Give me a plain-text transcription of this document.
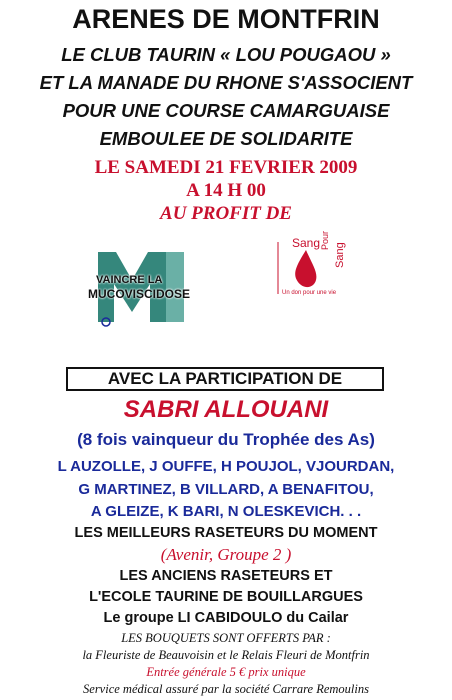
ARENES DE MONTFRIN
LE CLUB TAURIN « LOU POUGAOU »
ET LA MANADE DU RHONE S'ASSOCIENT
POUR UNE COURSE CAMARGUAISE
EMBOULEE DE SOLIDARITE
LE SAMEDI 21 FEVRIER 2009
A 14 H 00
AU PROFIT DE
VAINCRE LA
MUCOVISCIDOSE
Sang Pour
Sang
Un don pour une vie
AVEC LA PARTICIPATION DE
SABRI ALLOUANI
(8 fois vainqueur du Trophée des As)
L AUZOLLE, J OUFFE, H POUJOL, VJOURDAN,
G MARTINEZ, B VILLARD, A BENAFITOU,
A GLEIZE, K BARI, N OLESKEVICH. . .
LES MEILLEURS RASETEURS DU MOMENT
(Avenir, Groupe 2 )
LES ANCIENS RASETEURS ET
L'ECOLE TAURINE DE BOUILLARGUES
Le groupe LI CABIDOULO du Cailar
LES BOUQUETS SONT OFFERTS PAR :
la Fleuriste de Beauvoisin et le Relais Fleuri de Montfrin
Entrée générale 5 € prix unique
Service médical assuré par la société Carrare Remoulins
